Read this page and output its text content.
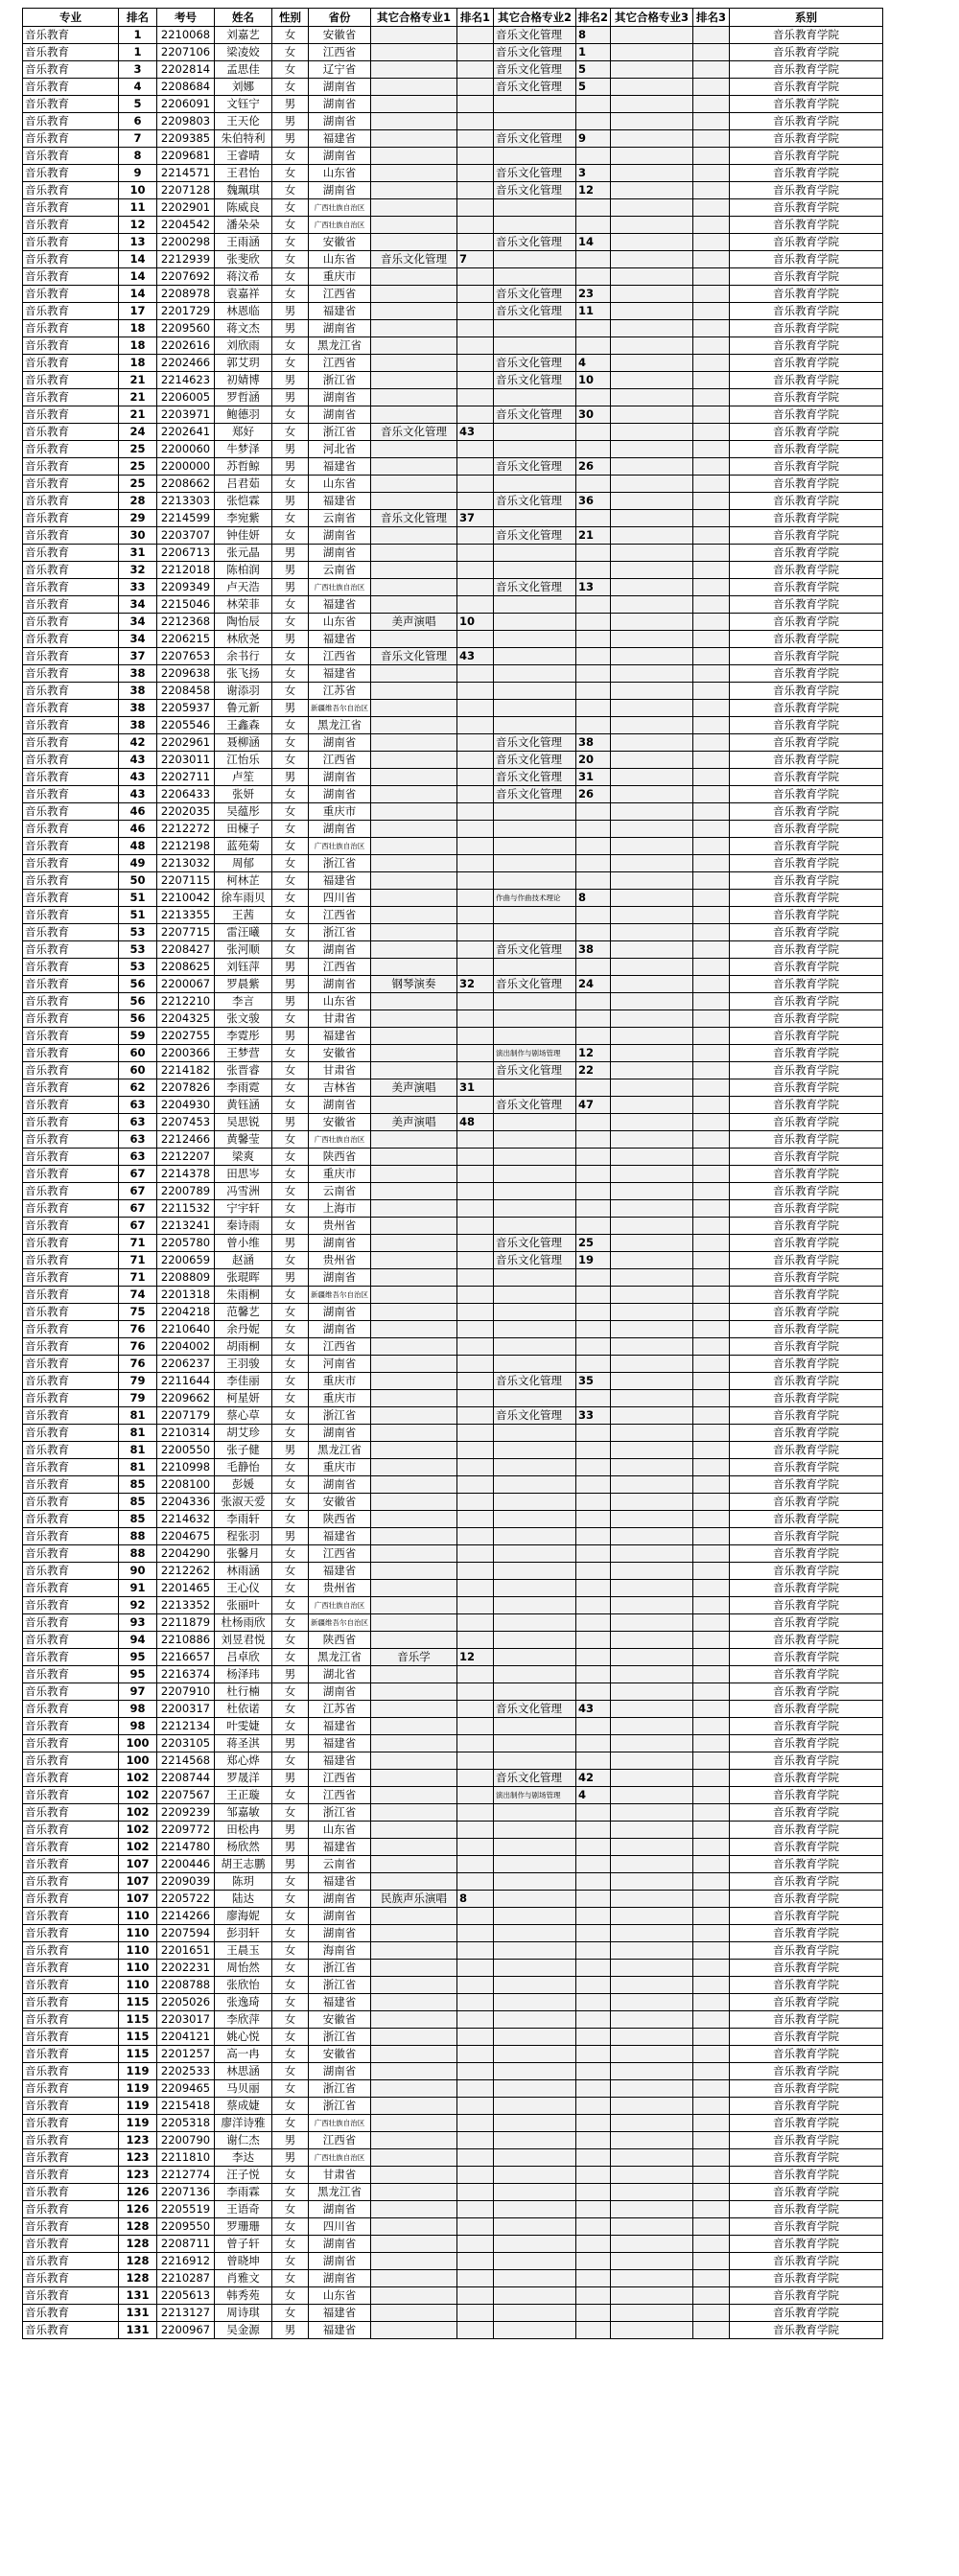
专业	排名	考号	姓名	性别	省份	其它合格专业1	排名1	其它合格专业2	排名2	其它合格专业3	排名3	系别
音乐教育	1	2210068	刘嘉艺	女	安徽省			音乐文化管理	8			音乐教育学院
音乐教育	1	2207106	梁凌姣	女	江西省			音乐文化管理	1			音乐教育学院
音乐教育	3	2202814	孟思佳	女	辽宁省			音乐文化管理	5			音乐教育学院
音乐教育	4	2208684	刘娜	女	湖南省			音乐文化管理	5			音乐教育学院
音乐教育	5	2206091	文钰宁	男	湖南省							音乐教育学院
音乐教育	6	2209803	王天伦	男	湖南省							音乐教育学院
音乐教育	7	2209385	朱伯特利	男	福建省			音乐文化管理	9			音乐教育学院
音乐教育	8	2209681	王睿晴	女	湖南省							音乐教育学院
音乐教育	9	2214571	王君怡	女	山东省			音乐文化管理	3			音乐教育学院
音乐教育	10	2207128	魏珮琪	女	湖南省			音乐文化管理	12			音乐教育学院
音乐教育	11	2202901	陈威良	女	广西壮族自治区							音乐教育学院
音乐教育	12	2204542	潘朵朵	女	广西壮族自治区							音乐教育学院
音乐教育	13	2200298	王雨涵	女	安徽省			音乐文化管理	14			音乐教育学院
音乐教育	14	2212939	张斐欣	女	山东省	音乐文化管理	7					音乐教育学院
音乐教育	14	2207692	蒋汶希	女	重庆市							音乐教育学院
音乐教育	14	2208978	袁嘉祥	女	江西省			音乐文化管理	23			音乐教育学院
音乐教育	17	2201729	林恩临	男	福建省			音乐文化管理	11			音乐教育学院
音乐教育	18	2209560	蒋文杰	男	湖南省							音乐教育学院
音乐教育	18	2202616	刘欣雨	女	黑龙江省							音乐教育学院
音乐教育	18	2202466	郭艾玥	女	江西省			音乐文化管理	4			音乐教育学院
音乐教育	21	2214623	初婧博	男	浙江省			音乐文化管理	10			音乐教育学院
音乐教育	21	2206005	罗哲涵	男	湖南省							音乐教育学院
音乐教育	21	2203971	鲍德羽	女	湖南省			音乐文化管理	30			音乐教育学院
音乐教育	24	2202641	郑好	女	浙江省	音乐文化管理	43					音乐教育学院
音乐教育	25	2200060	牛梦泽	男	河北省							音乐教育学院
音乐教育	25	2200000	苏哲鲸	男	福建省			音乐文化管理	26			音乐教育学院
音乐教育	25	2208662	吕君茹	女	山东省							音乐教育学院
音乐教育	28	2213303	张恺霖	男	福建省			音乐文化管理	36			音乐教育学院
音乐教育	29	2214599	李宛紫	女	云南省	音乐文化管理	37					音乐教育学院
音乐教育	30	2203707	钟佳妍	女	湖南省			音乐文化管理	21			音乐教育学院
音乐教育	31	2206713	张元晶	男	湖南省							音乐教育学院
音乐教育	32	2212018	陈柏润	男	云南省							音乐教育学院
音乐教育	33	2209349	卢天浩	男	广西壮族自治区			音乐文化管理	13			音乐教育学院
音乐教育	34	2215046	林荣菲	女	福建省							音乐教育学院
音乐教育	34	2212368	陶怡辰	女	山东省	美声演唱	10					音乐教育学院
音乐教育	34	2206215	林欣尧	男	福建省							音乐教育学院
音乐教育	37	2207653	余书行	女	江西省	音乐文化管理	43					音乐教育学院
音乐教育	38	2209638	张飞扬	女	福建省							音乐教育学院
音乐教育	38	2208458	谢添羽	女	江苏省							音乐教育学院
音乐教育	38	2205937	鲁元新	男	新疆维吾尔自治区							音乐教育学院
音乐教育	38	2205546	王鑫森	女	黑龙江省							音乐教育学院
音乐教育	42	2202961	聂柳涵	女	湖南省			音乐文化管理	38			音乐教育学院
音乐教育	43	2203011	江怡乐	女	江西省			音乐文化管理	20			音乐教育学院
音乐教育	43	2202711	卢笙	男	湖南省			音乐文化管理	31			音乐教育学院
音乐教育	43	2206433	张妍	女	湖南省			音乐文化管理	26			音乐教育学院
音乐教育	46	2202035	吴蕴彤	女	重庆市							音乐教育学院
音乐教育	46	2212272	田楝子	女	湖南省							音乐教育学院
音乐教育	48	2212198	蓝苑菊	女	广西壮族自治区							音乐教育学院
音乐教育	49	2213032	周郁	女	浙江省							音乐教育学院
音乐教育	50	2207115	柯林芷	女	福建省							音乐教育学院
音乐教育	51	2210042	徐车雨贝	女	四川省			作曲与作曲技术理论	8			音乐教育学院
音乐教育	51	2213355	王茜	女	江西省							音乐教育学院
音乐教育	53	2207715	雷汪曦	女	浙江省							音乐教育学院
音乐教育	53	2208427	张河顺	女	湖南省			音乐文化管理	38			音乐教育学院
音乐教育	53	2208625	刘钰萍	男	江西省							音乐教育学院
音乐教育	56	2200067	罗晨紫	男	湖南省	钢琴演奏	32	音乐文化管理	24			音乐教育学院
音乐教育	56	2212210	李言	男	山东省							音乐教育学院
音乐教育	56	2204325	张文骏	女	甘肃省							音乐教育学院
音乐教育	59	2202755	李霓彤	男	福建省							音乐教育学院
音乐教育	60	2200366	王梦营	女	安徽省			演出制作与剧场管理	12			音乐教育学院
音乐教育	60	2214182	张晋睿	女	甘肃省			音乐文化管理	22			音乐教育学院
音乐教育	62	2207826	李雨霓	女	吉林省	美声演唱	31					音乐教育学院
音乐教育	63	2204930	黄钰涵	女	湖南省			音乐文化管理	47			音乐教育学院
音乐教育	63	2207453	吴思锐	男	安徽省	美声演唱	48					音乐教育学院
音乐教育	63	2212466	黄馨莹	女	广西壮族自治区							音乐教育学院
音乐教育	63	2212207	梁爽	女	陕西省							音乐教育学院
音乐教育	67	2214378	田思岑	女	重庆市							音乐教育学院
音乐教育	67	2200789	冯雪洲	女	云南省							音乐教育学院
音乐教育	67	2211532	宁宇轩	女	上海市							音乐教育学院
音乐教育	67	2213241	秦诗雨	女	贵州省							音乐教育学院
音乐教育	71	2205780	曾小维	男	湖南省			音乐文化管理	25			音乐教育学院
音乐教育	71	2200659	赵涵	女	贵州省			音乐文化管理	19			音乐教育学院
音乐教育	71	2208809	张琨晖	男	湖南省							音乐教育学院
音乐教育	74	2201318	朱雨桐	女	新疆维吾尔自治区							音乐教育学院
音乐教育	75	2204218	范馨艺	女	湖南省							音乐教育学院
音乐教育	76	2210640	余丹妮	女	湖南省							音乐教育学院
音乐教育	76	2204002	胡雨桐	女	江西省							音乐教育学院
音乐教育	76	2206237	王羽骏	女	河南省							音乐教育学院
音乐教育	79	2211644	李佳丽	女	重庆市			音乐文化管理	35			音乐教育学院
音乐教育	79	2209662	柯星妍	女	重庆市							音乐教育学院
音乐教育	81	2207179	蔡心草	女	浙江省			音乐文化管理	33			音乐教育学院
音乐教育	81	2210314	胡艾珍	女	湖南省							音乐教育学院
音乐教育	81	2200550	张子健	男	黑龙江省							音乐教育学院
音乐教育	81	2210998	毛静怡	女	重庆市							音乐教育学院
音乐教育	85	2208100	彭媛	女	湖南省							音乐教育学院
音乐教育	85	2204336	张淑天爱	女	安徽省							音乐教育学院
音乐教育	85	2214632	李雨轩	女	陕西省							音乐教育学院
音乐教育	88	2204675	程张羽	男	福建省							音乐教育学院
音乐教育	88	2204290	张馨月	女	江西省							音乐教育学院
音乐教育	90	2212262	林雨涵	女	福建省							音乐教育学院
音乐教育	91	2201465	王心仪	女	贵州省							音乐教育学院
音乐教育	92	2213352	张丽叶	女	广西壮族自治区							音乐教育学院
音乐教育	93	2211879	杜杨雨欣	女	新疆维吾尔自治区							音乐教育学院
音乐教育	94	2210886	刘昱君悦	女	陕西省							音乐教育学院
音乐教育	95	2216657	吕卓欣	女	黑龙江省	音乐学	12					音乐教育学院
音乐教育	95	2216374	杨泽玮	男	湖北省							音乐教育学院
音乐教育	97	2207910	杜行楠	女	湖南省							音乐教育学院
音乐教育	98	2200317	杜依诺	女	江苏省			音乐文化管理	43			音乐教育学院
音乐教育	98	2212134	叶雯婕	女	福建省							音乐教育学院
音乐教育	100	2203105	蒋圣淇	男	福建省							音乐教育学院
音乐教育	100	2214568	郑心烨	女	福建省							音乐教育学院
音乐教育	102	2208744	罗晟洋	男	江西省			音乐文化管理	42			音乐教育学院
音乐教育	102	2207567	王正璇	女	江西省			演出制作与剧场管理	4			音乐教育学院
音乐教育	102	2209239	邹嘉敏	女	浙江省							音乐教育学院
音乐教育	102	2209772	田松冉	男	山东省							音乐教育学院
音乐教育	102	2214780	杨欣然	男	福建省							音乐教育学院
音乐教育	107	2200446	胡王志鹏	男	云南省							音乐教育学院
音乐教育	107	2209039	陈玥	女	福建省							音乐教育学院
音乐教育	107	2205722	陆达	女	湖南省	民族声乐演唱	8					音乐教育学院
音乐教育	110	2214266	廖海妮	女	湖南省							音乐教育学院
音乐教育	110	2207594	彭羽轩	女	湖南省							音乐教育学院
音乐教育	110	2201651	王晨玉	女	海南省							音乐教育学院
音乐教育	110	2202231	周怡然	女	浙江省							音乐教育学院
音乐教育	110	2208788	张欣怡	女	浙江省							音乐教育学院
音乐教育	115	2205026	张逸琦	女	福建省							音乐教育学院
音乐教育	115	2203017	李欣萍	女	安徽省							音乐教育学院
音乐教育	115	2204121	姚心悦	女	浙江省							音乐教育学院
音乐教育	115	2201257	高一冉	女	安徽省							音乐教育学院
音乐教育	119	2202533	林思涵	女	湖南省							音乐教育学院
音乐教育	119	2209465	马贝丽	女	浙江省							音乐教育学院
音乐教育	119	2215418	蔡成婕	女	浙江省							音乐教育学院
音乐教育	119	2205318	廖洋诗雅	女	广西壮族自治区							音乐教育学院
音乐教育	123	2200790	谢仁杰	男	江西省							音乐教育学院
音乐教育	123	2211810	李达	男	广西壮族自治区							音乐教育学院
音乐教育	123	2212774	汪子悦	女	甘肃省							音乐教育学院
音乐教育	126	2207136	李雨霖	女	黑龙江省							音乐教育学院
音乐教育	126	2205519	王语奇	女	湖南省							音乐教育学院
音乐教育	128	2209550	罗珊珊	女	四川省							音乐教育学院
音乐教育	128	2208711	曾子轩	女	湖南省							音乐教育学院
音乐教育	128	2216912	曾晓坤	女	湖南省							音乐教育学院
音乐教育	128	2210287	肖雅文	女	湖南省							音乐教育学院
音乐教育	131	2205613	韩秀苑	女	山东省							音乐教育学院
音乐教育	131	2213127	周诗琪	女	福建省							音乐教育学院
音乐教育	131	2200967	吴金源	男	福建省							音乐教育学院
